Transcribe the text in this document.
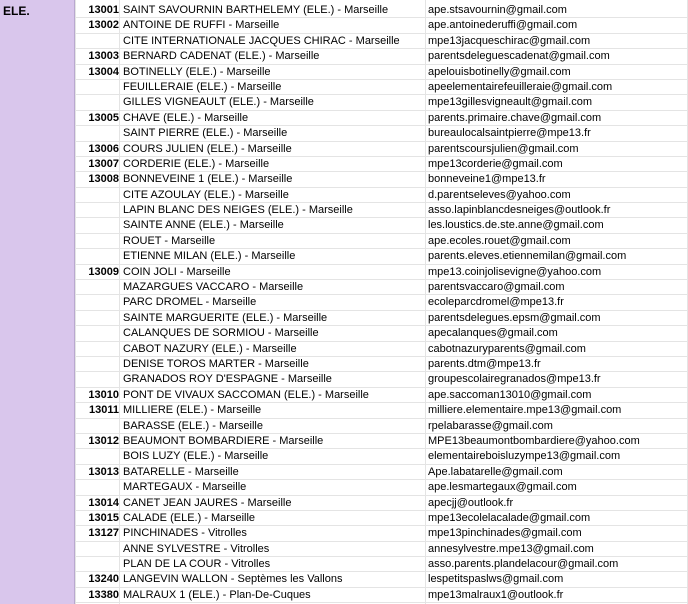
ELE.	13001 SAINT SAVOURNIN BARTHELEMY (ELE.) - Marseille	ape.stsavournin@gmail.com
13002 ANTOINE DE RUFFI - Marseille	ape.antoinederuffi@gmail.com
CITE INTERNATIONALE JACQUES CHIRAC - Marseille	mpe13jacqueschirac@gmail.com
13003 BERNARD CADENAT (ELE.) - Marseille	parentsdeleguescadenat@gmail.com
13004 BOTINELLY (ELE.) - Marseille	apelouisbotinelly@gmail.com
FEUILLERAIE (ELE.) - Marseille	apeelementairefeuilleraie@gmail.com
GILLES VIGNEAULT (ELE.) - Marseille	mpe13gillesvigneault@gmail.com
13005 CHAVE (ELE.) - Marseille	parents.primaire.chave@gmail.com
SAINT PIERRE (ELE.) - Marseille	bureaulocalsaintpierre@mpe13.fr
13006 COURS JULIEN (ELE.) - Marseille	parentscoursjulien@gmail.com
13007 CORDERIE (ELE.) - Marseille	mpe13corderie@gmail.com
13008 BONNEVEINE 1 (ELE.) - Marseille	bonneveine1@mpe13.fr
CITE AZOULAY (ELE.) - Marseille	d.parentseleves@yahoo.com
LAPIN BLANC DES NEIGES (ELE.) - Marseille	asso.lapinblancdesneiges@outlook.fr
SAINTE ANNE (ELE.) - Marseille	les.loustics.de.ste.anne@gmail.com
ROUET - Marseille	ape.ecoles.rouet@gmail.com
ETIENNE MILAN (ELE.) - Marseille	parents.eleves.etiennemilan@gmail.com
13009 COIN JOLI - Marseille	mpe13.coinjolisevigne@yahoo.com
MAZARGUES VACCARO - Marseille	parentsvaccaro@gmail.com
PARC DROMEL - Marseille	ecoleparcdromel@mpe13.fr
SAINTE MARGUERITE (ELE.) - Marseille	parentsdelegues.epsm@gmail.com
CALANQUES DE SORMIOU - Marseille	apecalanques@gmail.com
CABOT NAZURY (ELE.) - Marseille	cabotnazuryparents@gmail.com
DENISE TOROS MARTER - Marseille	parents.dtm@mpe13.fr
GRANADOS ROY D'ESPAGNE - Marseille	groupescolairegranados@mpe13.fr
13010 PONT DE VIVAUX SACCOMAN (ELE.) - Marseille	ape.saccoman13010@gmail.com
13011 MILLIERE (ELE.) - Marseille	milliere.elementaire.mpe13@gmail.com
BARASSE (ELE.) - Marseille	rpelabarasse@gmail.com
13012 BEAUMONT BOMBARDIERE - Marseille	MPE13beaumontbombardiere@yahoo.com
BOIS LUZY (ELE.) - Marseille	elementaireboisluzympe13@gmail.com
13013 BATARELLE - Marseille	Ape.labatarelle@gmail.com
MARTEGAUX - Marseille	ape.lesmartegaux@gmail.com
13014 CANET JEAN JAURES - Marseille	apecjj@outlook.fr
13015 CALADE (ELE.) - Marseille	mpe13ecolelacalade@gmail.com
13127 PINCHINADES - Vitrolles	mpe13pinchinades@gmail.com
ANNE SYLVESTRE - Vitrolles	annesylvestre.mpe13@gmail.com
PLAN DE LA COUR - Vitrolles	asso.parents.plandelacour@gmail.com
13240 LANGEVIN WALLON - Septèmes les Vallons	lespetitspaslws@gmail.com
13380 MALRAUX 1 (ELE.) - Plan-De-Cuques	mpe13malraux1@outlook.fr
